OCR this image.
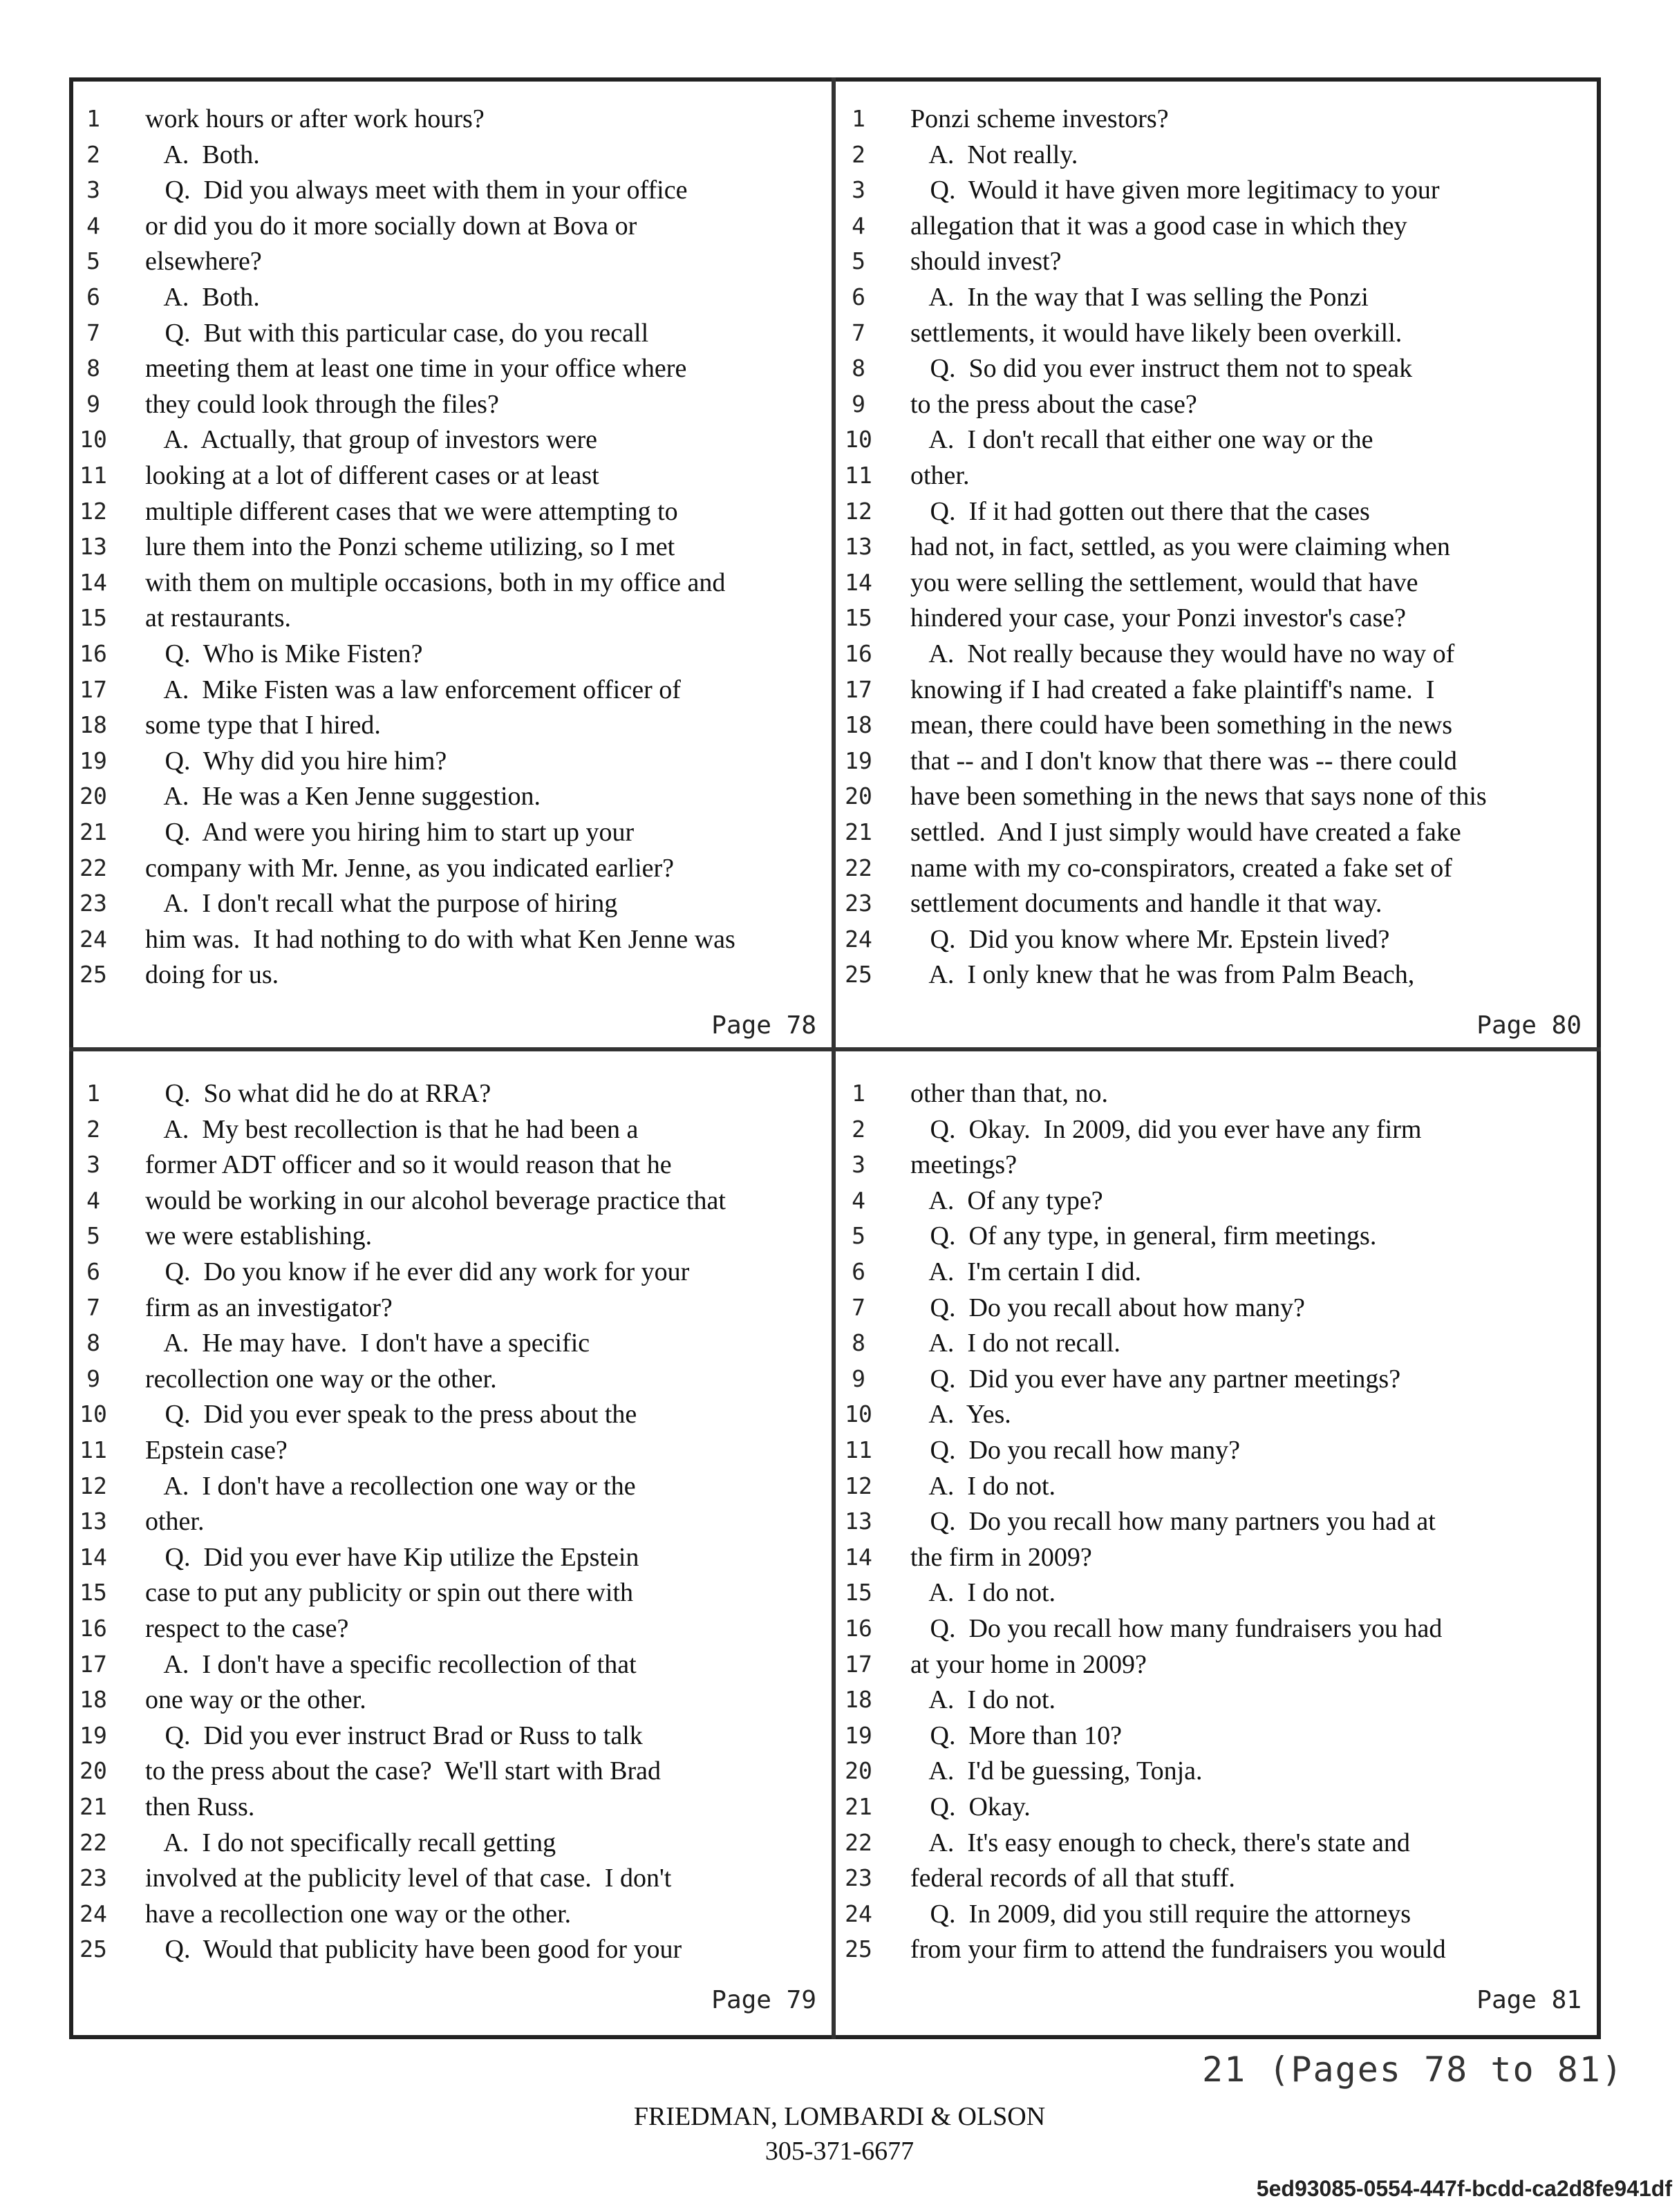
Page 78
1	work hours or after work hours?
2	A.  Both.
3	Q.  Did you always meet with them in your office
4	or did you do it more socially down at Bova or
5	elsewhere?
6	A.  Both.
7	Q.  But with this particular case, do you recall
8	meeting them at least one time in your office where
9	they could look through the files?
10 A.  Actually, that group of investors were
11 looking at a lot of different cases or at least
12 multiple different cases that we were attempting to
13 lure them into the Ponzi scheme utilizing, so I met
14 with them on multiple occasions, both in my office and
15 at restaurants.
16 Q.  Who is Mike Fisten?
17 A.  Mike Fisten was a law enforcement officer of
18 some type that I hired.
19 Q.  Why did you hire him?
20 A.  He was a Ken Jenne suggestion.
21 Q.  And were you hiring him to start up your
22 company with Mr. Jenne, as you indicated earlier?
23 A.  I don't recall what the purpose of hiring
24 him was.  It had nothing to do with what Ken Jenne was
25 doing for us.
Page 80
1	Ponzi scheme investors?
2	A.  Not really.
3	Q.  Would it have given more legitimacy to your
4	allegation that it was a good case in which they
5	should invest?
6	A.  In the way that I was selling the Ponzi
7	settlements, it would have likely been overkill.
8	Q.  So did you ever instruct them not to speak
9	to the press about the case?
10 A.  I don't recall that either one way or the
11 other.
12 Q.  If it had gotten out there that the cases
13 had not, in fact, settled, as you were claiming when
14 you were selling the settlement, would that have
15 hindered your case, your Ponzi investor's case?
16 A.  Not really because they would have no way of
17 knowing if I had created a fake plaintiff's name.  I
18 mean, there could have been something in the news
19 that -- and I don't know that there was -- there could
20 have been something in the news that says none of this
21 settled.  And I just simply would have created a fake
22 name with my co-conspirators, created a fake set of
23 settlement documents and handle it that way.
24 Q.  Did you know where Mr. Epstein lived?
25 A.  I only knew that he was from Palm Beach,
Page 79
1	Q.  So what did he do at RRA?
2	A.  My best recollection is that he had been a
3	former ADT officer and so it would reason that he
4	would be working in our alcohol beverage practice that
5	we were establishing.
6	Q.  Do you know if he ever did any work for your
7	firm as an investigator?
8	A.  He may have.  I don't have a specific
9	recollection one way or the other.
10 Q.  Did you ever speak to the press about the
11 Epstein case?
12 A.  I don't have a recollection one way or the
13 other.
14 Q.  Did you ever have Kip utilize the Epstein
15 case to put any publicity or spin out there with
16 respect to the case?
17 A.  I don't have a specific recollection of that
18 one way or the other.
19 Q.  Did you ever instruct Brad or Russ to talk
20 to the press about the case?  We'll start with Brad
21 then Russ.
22 A.  I do not specifically recall getting
23 involved at the publicity level of that case.  I don't
24 have a recollection one way or the other.
25 Q.  Would that publicity have been good for your
Page 81
1	other than that, no.
2	Q.  Okay.  In 2009, did you ever have any firm
3	meetings?
4	A.  Of any type?
5	Q.  Of any type, in general, firm meetings.
6	A.  I'm certain I did.
7	Q.  Do you recall about how many?
8	A.  I do not recall.
9	Q.  Did you ever have any partner meetings?
10 A.  Yes.
11 Q.  Do you recall how many?
12 A.  I do not.
13 Q.  Do you recall how many partners you had at
14 the firm in 2009?
15 A.  I do not.
16 Q.  Do you recall how many fundraisers you had
17 at your home in 2009?
18 A.  I do not.
19 Q.  More than 10?
20 A.  I'd be guessing, Tonja.
21 Q.  Okay.
22 A.  It's easy enough to check, there's state and
23 federal records of all that stuff.
24 Q.  In 2009, did you still require the attorneys
25 from your firm to attend the fundraisers you would
21 (Pages 78 to 81)
FRIEDMAN, LOMBARDI & OLSON
305-371-6677
5ed93085-0554-447f-bcdd-ca2d8fe941df
